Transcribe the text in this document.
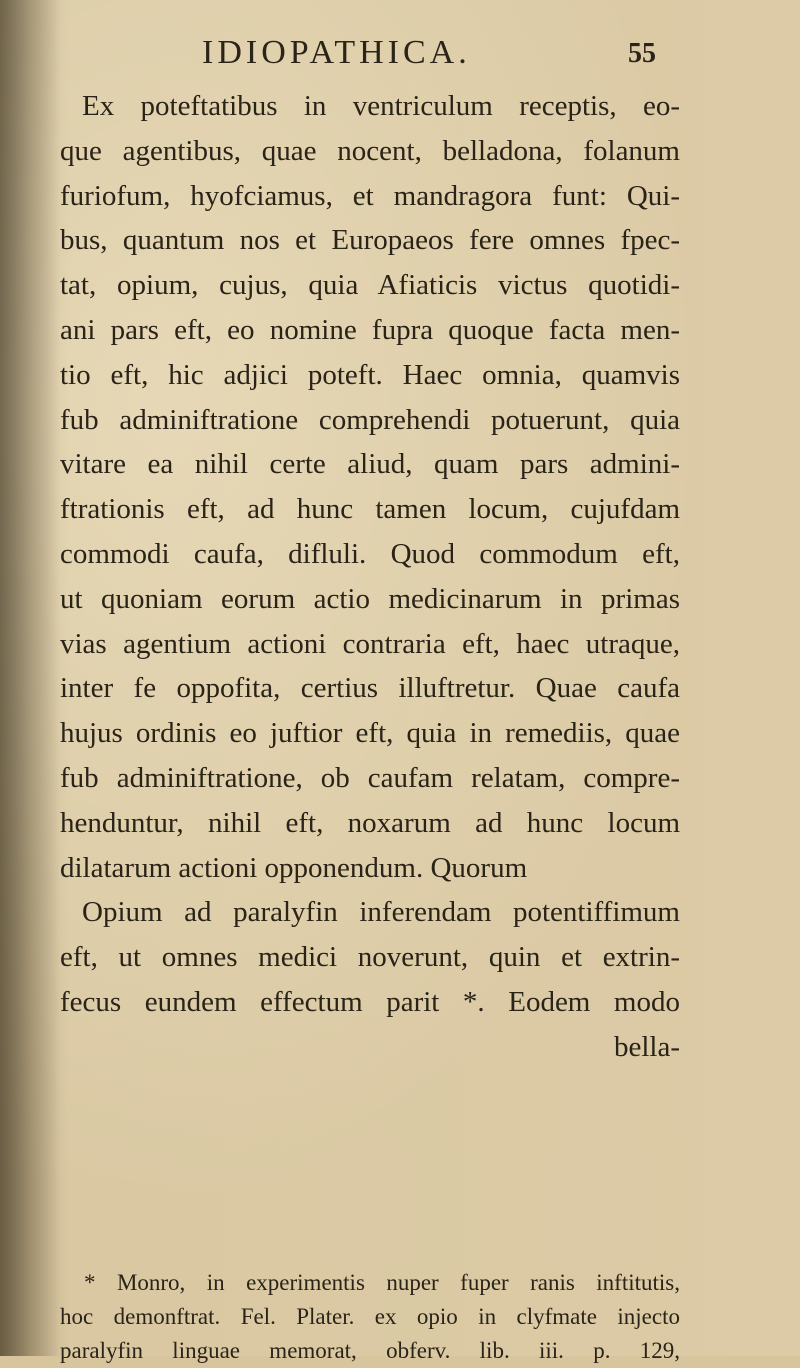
IDIOPATHICA.	55
Ex poteftatibus in ventriculum receptis, eo-
que agentibus, quae nocent, belladona, folanum
furiofum, hyofciamus, et mandragora funt: Qui-
bus, quantum nos et Europaeos fere omnes fpec-
tat, opium, cujus, quia Afiaticis victus quotidi-
ani pars eft, eo nomine fupra quoque facta men-
tio eft, hic adjici poteft. Haec omnia, quamvis
fub adminiftratione comprehendi potuerunt, quia
vitare ea nihil certe aliud, quam pars admini-
ftrationis eft, ad hunc tamen locum, cujufdam
commodi caufa, difluli. Quod commodum eft,
ut quoniam eorum actio medicinarum in primas
vias agentium actioni contraria eft, haec utraque,
inter fe oppofita, certius illuftretur. Quae caufa
hujus ordinis eo juftior eft, quia in remediis, quae
fub adminiftratione, ob caufam relatam, compre-
henduntur, nihil eft, noxarum ad hunc locum
dilatarum actioni opponendum. Quorum
Opium ad paralyfin inferendam potentiffimum
eft, ut omnes medici noverunt, quin et extrin-
fecus eundem effectum parit *. Eodem modo
bella-
* Monro, in experimentis nuper fuper ranis inftitutis,
hoc demonftrat. Fel. Plater. ex opio in clyfmate injecto
paralyfin linguae memorat, obferv. lib. iii. p. 129,
